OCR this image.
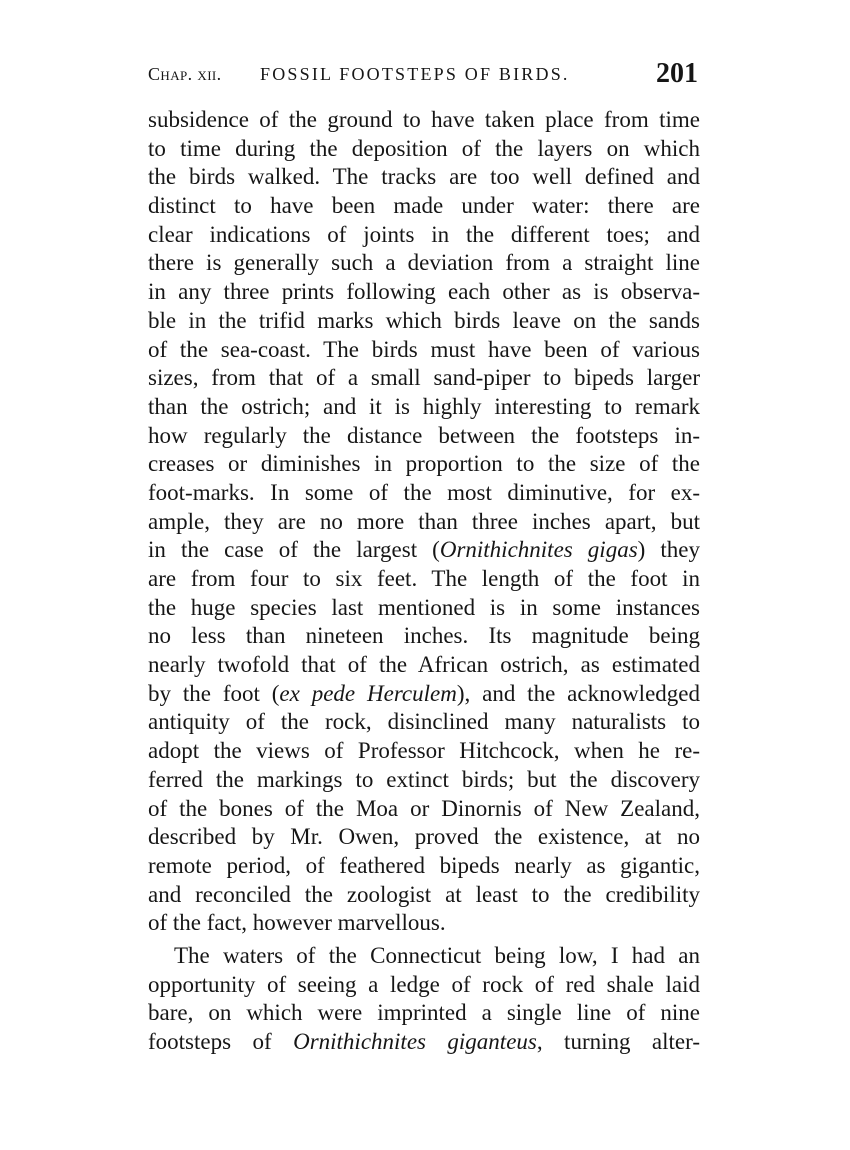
Chap. xii. FOSSIL FOOTSTEPS OF BIRDS.	201
subsidence of the ground to have taken place from time
to time during the deposition of the layers on which
the birds walked. The tracks are too well defined and
distinct to have been made under water: there are
clear indications of joints in the different toes; and
there is generally such a deviation from a straight line
in any three prints following each other as is observa-
ble in the trifid marks which birds leave on the sands
of the sea-coast. The birds must have been of various
sizes, from that of a small sand-piper to bipeds larger
than the ostrich; and it is highly interesting to remark
how regularly the distance between the footsteps in-
creases or diminishes in proportion to the size of the
foot-marks. In some of the most diminutive, for ex-
ample, they are no more than three inches apart, but
in the case of the largest (Ornithichnites gigas) they
are from four to six feet. The length of the foot in
the huge species last mentioned is in some instances
no less than nineteen inches. Its magnitude being
nearly twofold that of the African ostrich, as estimated
by the foot (ex pede Herculem), and the acknowledged
antiquity of the rock, disinclined many naturalists to
adopt the views of Professor Hitchcock, when he re-
ferred the markings to extinct birds; but the discovery
of the bones of the Moa or Dinornis of New Zealand,
described by Mr. Owen, proved the existence, at no
remote period, of feathered bipeds nearly as gigantic,
and reconciled the zoologist at least to the credibility
of the fact, however marvellous.
The waters of the Connecticut being low, I had an
opportunity of seeing a ledge of rock of red shale laid
bare, on which were imprinted a single line of nine
footsteps of Ornithichnites giganteus, turning alter-
